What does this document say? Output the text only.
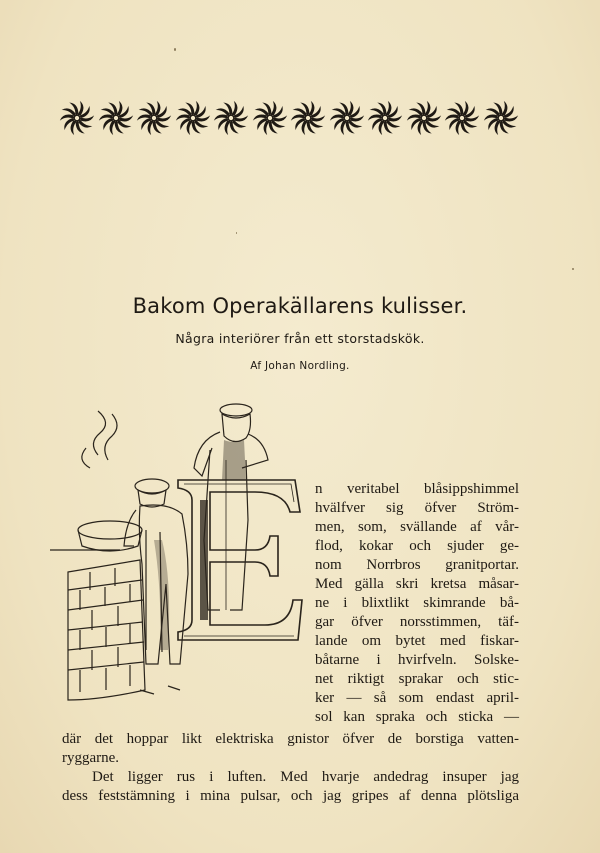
Bakom Operakällarens kulisser.
Några interiörer från ett storstadskök.
Af Johan Nordling.

n veritabel blåsippshimmel

hvälfver sig öfver Ström-

men, som, svällande af vår-

flod, kokar och sjuder ge-

nom Norrbros granitportar.

Med gälla skri kretsa måsar-

ne i blixtlikt skimrande bå-

gar öfver norsstimmen, täf-

lande om bytet med fiskar-

båtarne i hvirfveln. Solske-

net riktigt sprakar och stic-

ker — så som endast april-

sol kan spraka och sticka —

där det hoppar likt elektriska gnistor öfver de borstiga vatten-

ryggarne.

Det ligger rus i luften. Med hvarje andedrag insuper jag

dess feststämning i mina pulsar, och jag gripes af denna plötsliga
